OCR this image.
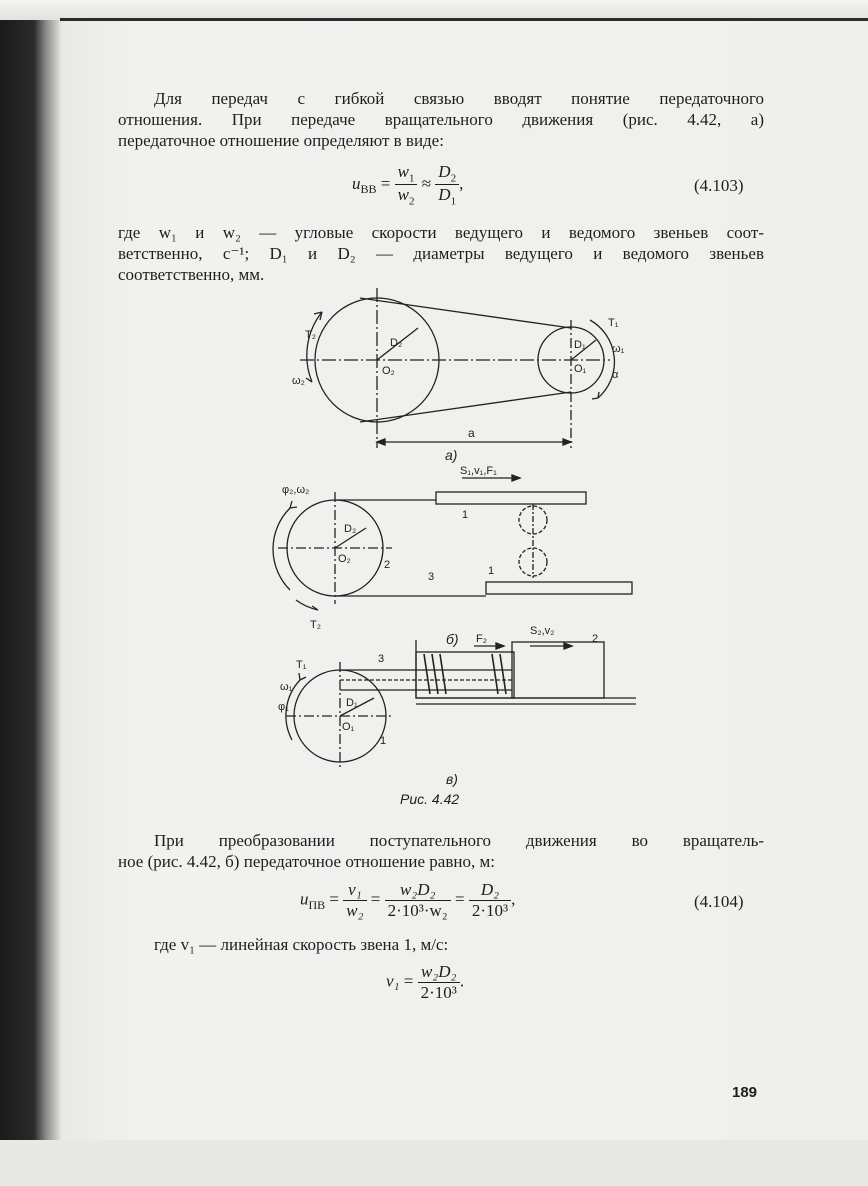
Для передач с гибкой связью вводят понятие передаточного
отношения. При передаче вращательного движения (рис. 4.42, а)
передаточное отношение определяют в виде:
$u_{ВВ} = \frac{w_1}{w_2} \approx \frac{D_2}{D_1}$ ,	(4.103)
где w₁ и w₂ — угловые скорости ведущего и ведомого звеньев соот-
ветственно, с⁻¹; D₁ и D₂ — диаметры ведущего и ведомого звеньев
соответственно, мм.
T₂
D₂
O₂
ω₂
T₁
D₁
O₁
ω₁
α
a
а)
S₁,v₁,F₁
φ₂,ω₂
D₂
O₂
1
2
3	1
T₂
б) F₂
S₂,v₂
2
3
T₁
ω₁
φ₁	D₁
O₁
1
в)
Рис. 4.42
При преобразовании поступательного движения во вращатель-
ное (рис. 4.42, б) передаточное отношение равно, м:
$u_{ПВ} = \frac{\text{v₁}}{\text{w₂}} = \frac{\text{w₂D₂}}{\text{2·10³·w₂}} = \frac{\text{D₂}}{\text{2·10³}}$ ,	(4.104)
где v₁ — линейная скорость звена 1, м/с:
$v_1 = \frac{\text{w₂D₂}}{\text{2·10³}}$ .
189
